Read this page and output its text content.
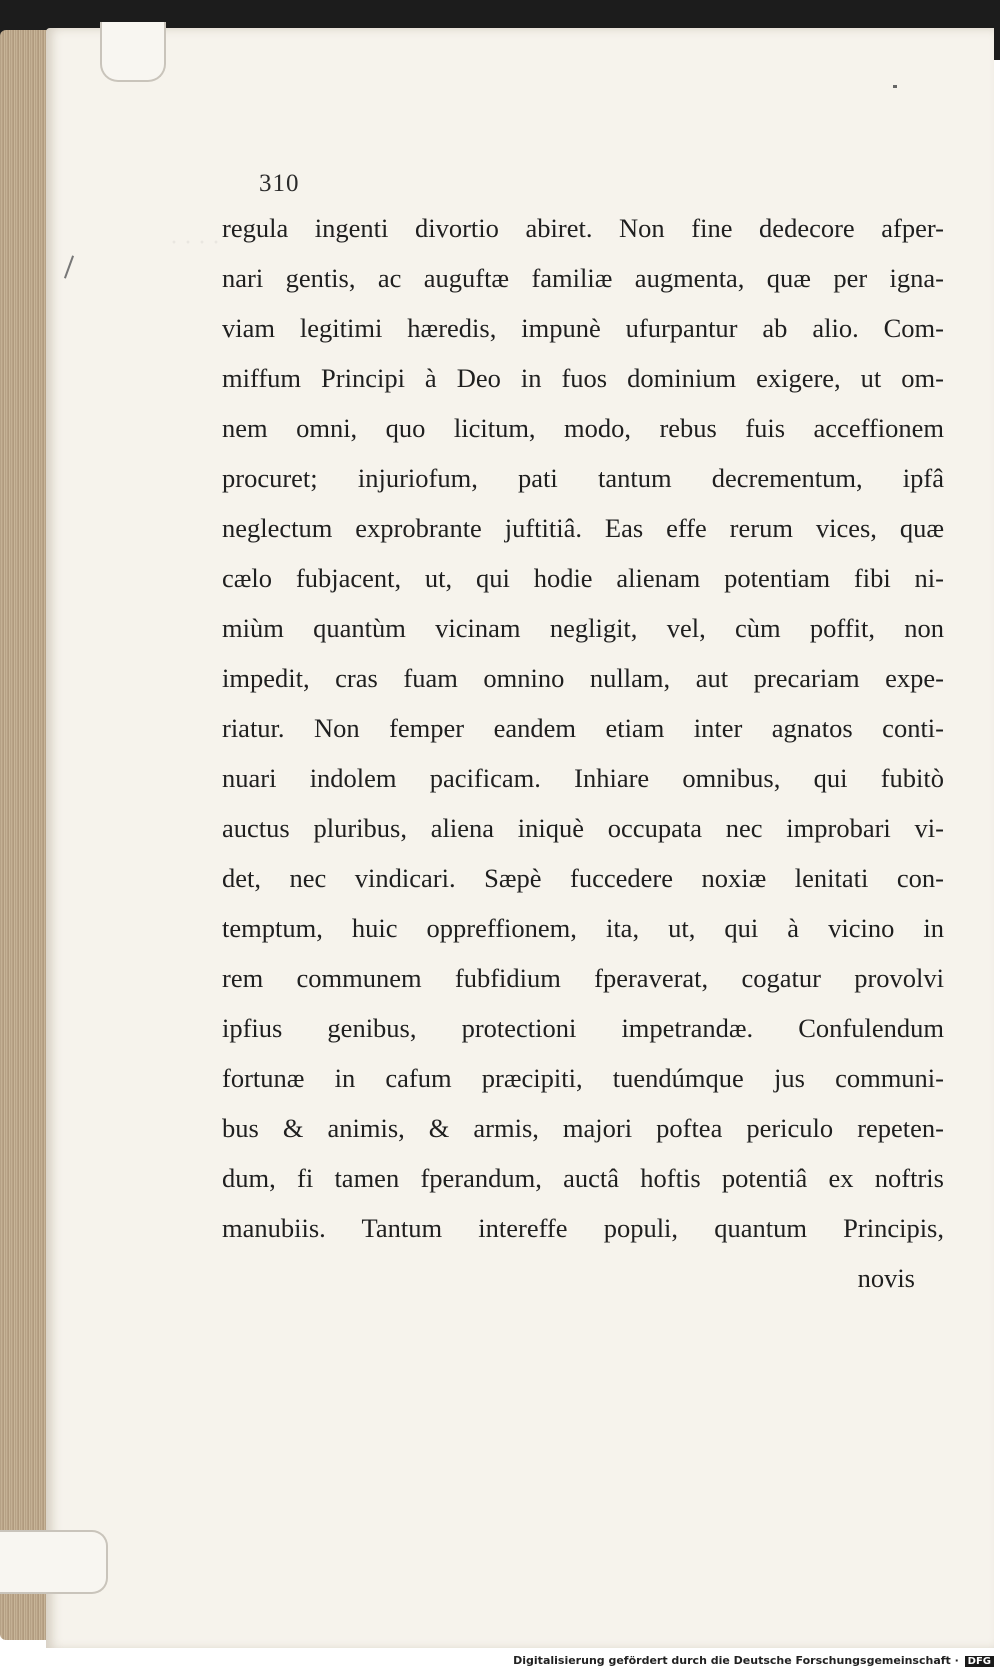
· · · ·
310
regula ingenti divortio abiret. Non fine dedecore afper-
nari gentis, ac auguftæ familiæ augmenta, quæ per igna-
viam legitimi hæredis, impunè ufurpantur ab alio. Com-
miffum Principi à Deo in fuos dominium exigere, ut om-
nem omni, quo licitum, modo, rebus fuis acceffionem
procuret; injuriofum, pati tantum decrementum, ipfâ
neglectum exprobrante juftitiâ. Eas effe rerum vices, quæ
cælo fubjacent, ut, qui hodie alienam potentiam fibi ni-
miùm quantùm vicinam negligit, vel, cùm poffit, non
impedit, cras fuam omnino nullam, aut precariam expe-
riatur. Non femper eandem etiam inter agnatos conti-
nuari indolem pacificam. Inhiare omnibus, qui fubitò
auctus pluribus, aliena iniquè occupata nec improbari vi-
det, nec vindicari. Sæpè fuccedere noxiæ lenitati con-
temptum, huic oppreffionem, ita, ut, qui à vicino in
rem communem fubfidium fperaverat, cogatur provolvi
ipfius genibus, protectioni impetrandæ. Confulendum
fortunæ in cafum præcipiti, tuendúmque jus communi-
bus & animis, & armis, majori poftea periculo repeten-
dum, fi tamen fperandum, auctâ hoftis potentiâ ex noftris
manubiis. Tantum intereffe populi, quantum Principis,
novis
Digitalisierung gefördert durch die Deutsche Forschungsgemeinschaft · DFG
